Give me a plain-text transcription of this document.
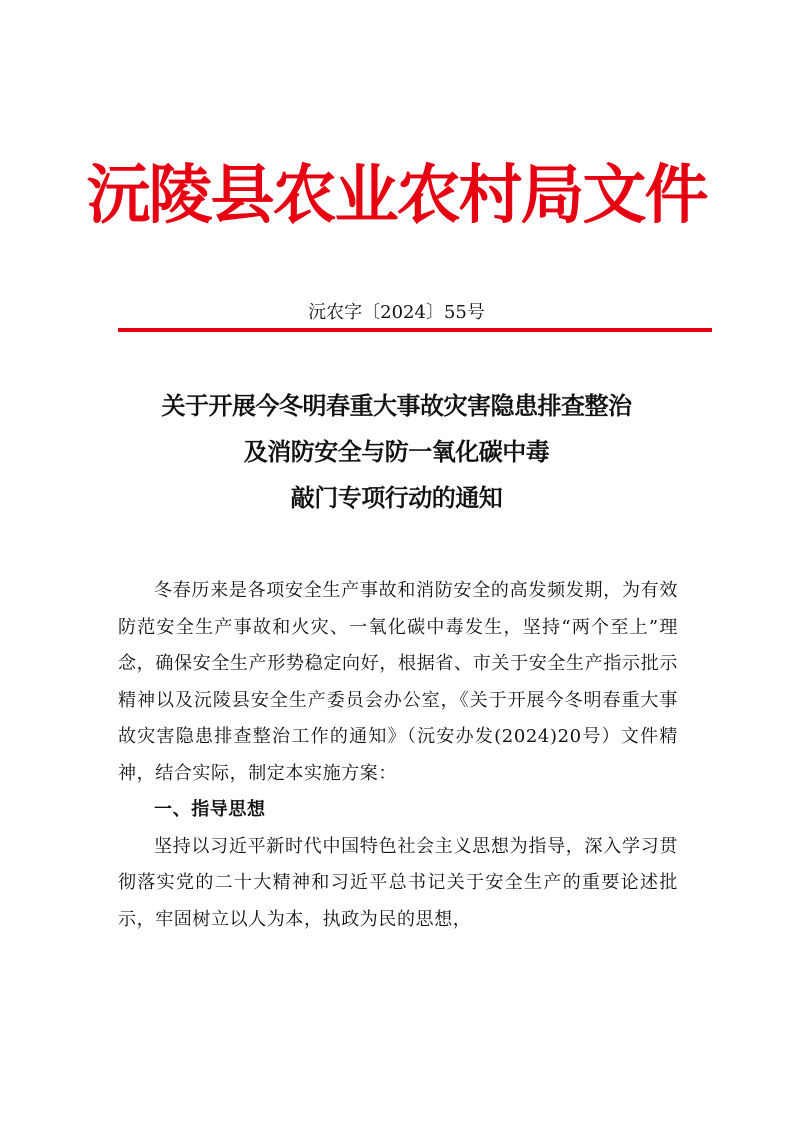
沅陵县农业农村局文件
沅农字〔2024〕55号
关于开展今冬明春重大事故灾害隐患排查整治
及消防安全与防一氧化碳中毒
敲门专项行动的通知

冬春历来是各项安全生产事故和消防安全的高发频发期，为有效防范安全生产事故和火灾、一氧化碳中毒发生，坚持“两个至上”理念，确保安全生产形势稳定向好，根据省、市关于安全生产指示批示精神以及沅陵县安全生产委员会办公室，《关于开展今冬明春重大事故灾害隐患排查整治工作的通知》（沅安办发(2024)20号）文件精神，结合实际，制定本实施方案：

一、指导思想

坚持以习近平新时代中国特色社会主义思想为指导，深入学习贯彻落实党的二十大精神和习近平总书记关于安全生产的重要论述批示，牢固树立以人为本，执政为民的思想，
